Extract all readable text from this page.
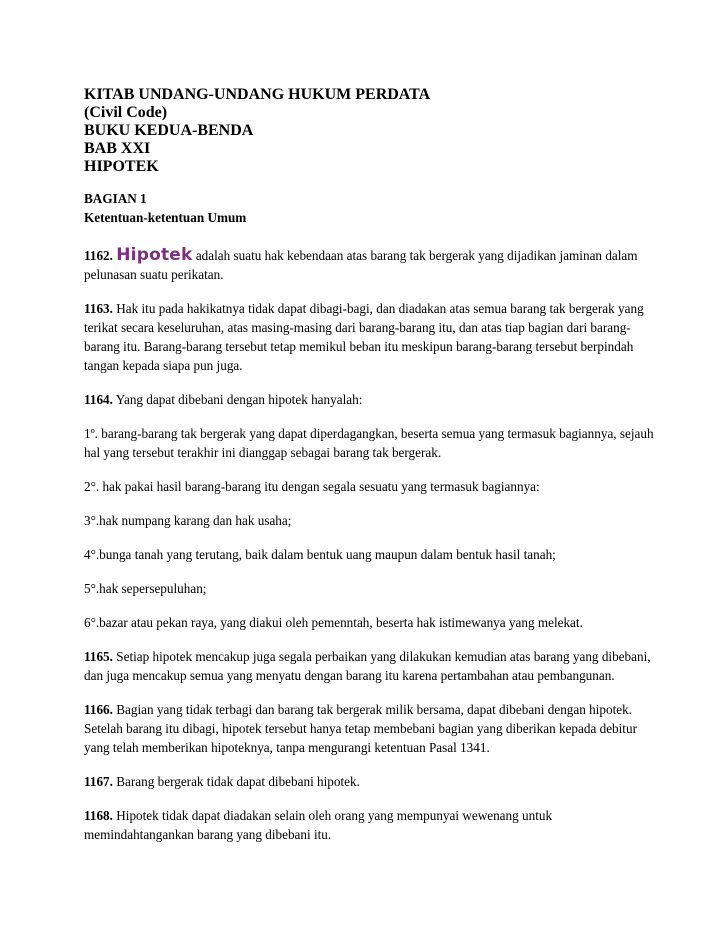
KITAB UNDANG-UNDANG HUKUM PERDATA
(Civil Code)
BUKU KEDUA-BENDA
BAB XXI
HIPOTEK
BAGIAN 1
Ketentuan-ketentuan Umum
1162. Hipotek adalah suatu hak kebendaan atas barang tak bergerak yang dijadikan jaminan dalam pelunasan suatu perikatan.
1163. Hak itu pada hakikatnya tidak dapat dibagi-bagi, dan diadakan atas semua barang tak bergerak yang terikat secara keseluruhan, atas masing-masing dari barang-barang itu, dan atas tiap bagian dari barang-barang itu. Barang-barang tersebut tetap memikul beban itu meskipun barang-barang tersebut berpindah tangan kepada siapa pun juga.
1164. Yang dapat dibebani dengan hipotek hanyalah:
1º. barang-barang tak bergerak yang dapat diperdagangkan, beserta semua yang termasuk bagiannya, sejauh hal yang tersebut terakhir ini dianggap sebagai barang tak bergerak.
2°. hak pakai hasil barang-barang itu dengan segala sesuatu yang termasuk bagiannya:
3°.hak numpang karang dan hak usaha;
4°.bunga tanah yang terutang, baik dalam bentuk uang maupun dalam bentuk hasil tanah;
5°.hak sepersepuluhan;
6°.bazar atau pekan raya, yang diakui oleh pemenntah, beserta hak istimewanya yang melekat.
1165. Setiap hipotek mencakup juga segala perbaikan yang dilakukan kemudian atas barang yang dibebani, dan juga mencakup semua yang menyatu dengan barang itu karena pertambahan atau pembangunan.
1166. Bagian yang tidak terbagi dan barang tak bergerak milik bersama, dapat dibebani dengan hipotek. Setelah barang itu dibagi, hipotek tersebut hanya tetap membebani bagian yang diberikan kepada debitur yang telah memberikan hipoteknya, tanpa mengurangi ketentuan Pasal 1341.
1167. Barang bergerak tidak dapat dibebani hipotek.
1168. Hipotek tidak dapat diadakan selain oleh orang yang mempunyai wewenang untuk memindahtangankan barang yang dibebani itu.
